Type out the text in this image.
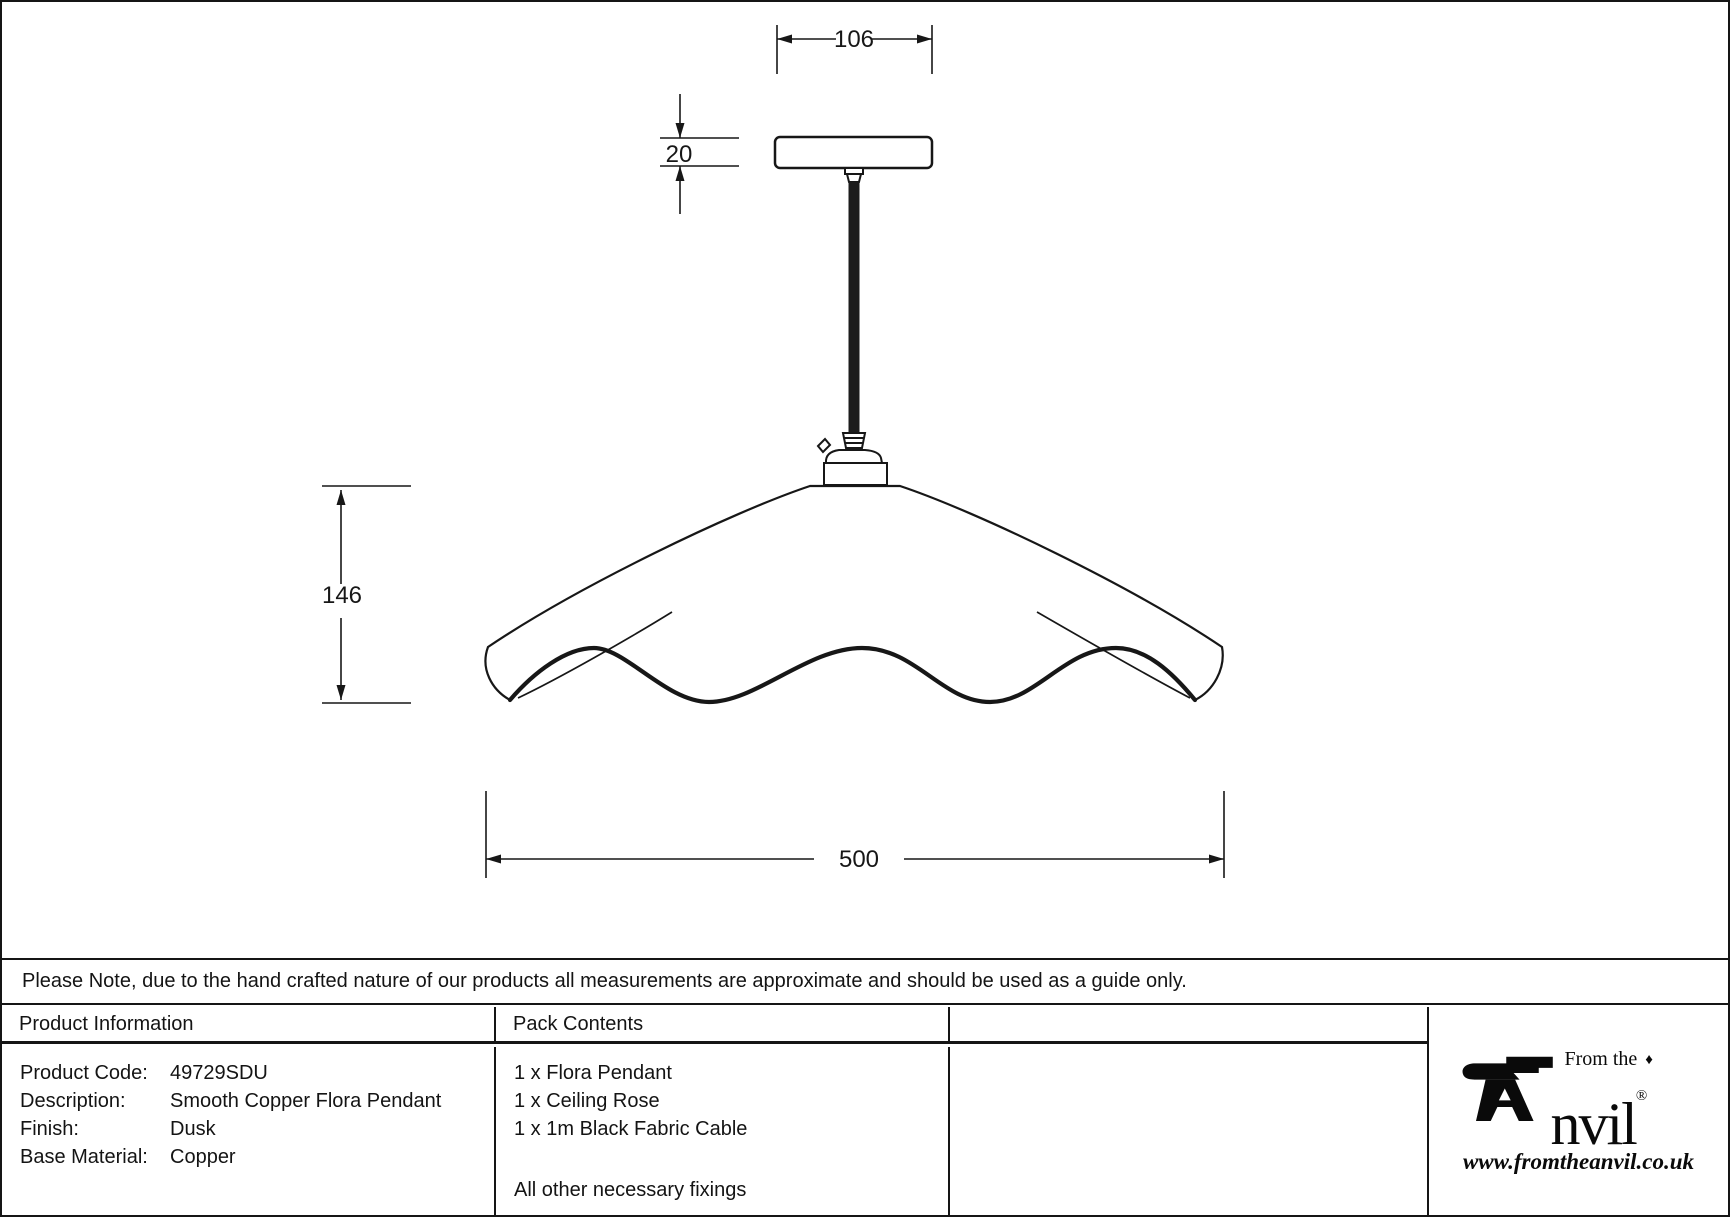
106
20
146
500
Please Note, due to the hand crafted nature of our products all measurements are approximate and should be used as a guide only.
Product Information	Pack Contents
Product Code:	49729SDU
Description:	Smooth Copper Flora Pendant
Finish:	Dusk
Base Material:	Copper
1 x Flora Pendant
1 x Ceiling Rose
1 x 1m Black Fabric Cable
All other necessary fixings
From the ♦
nvil®
www.fromtheanvil.co.uk
